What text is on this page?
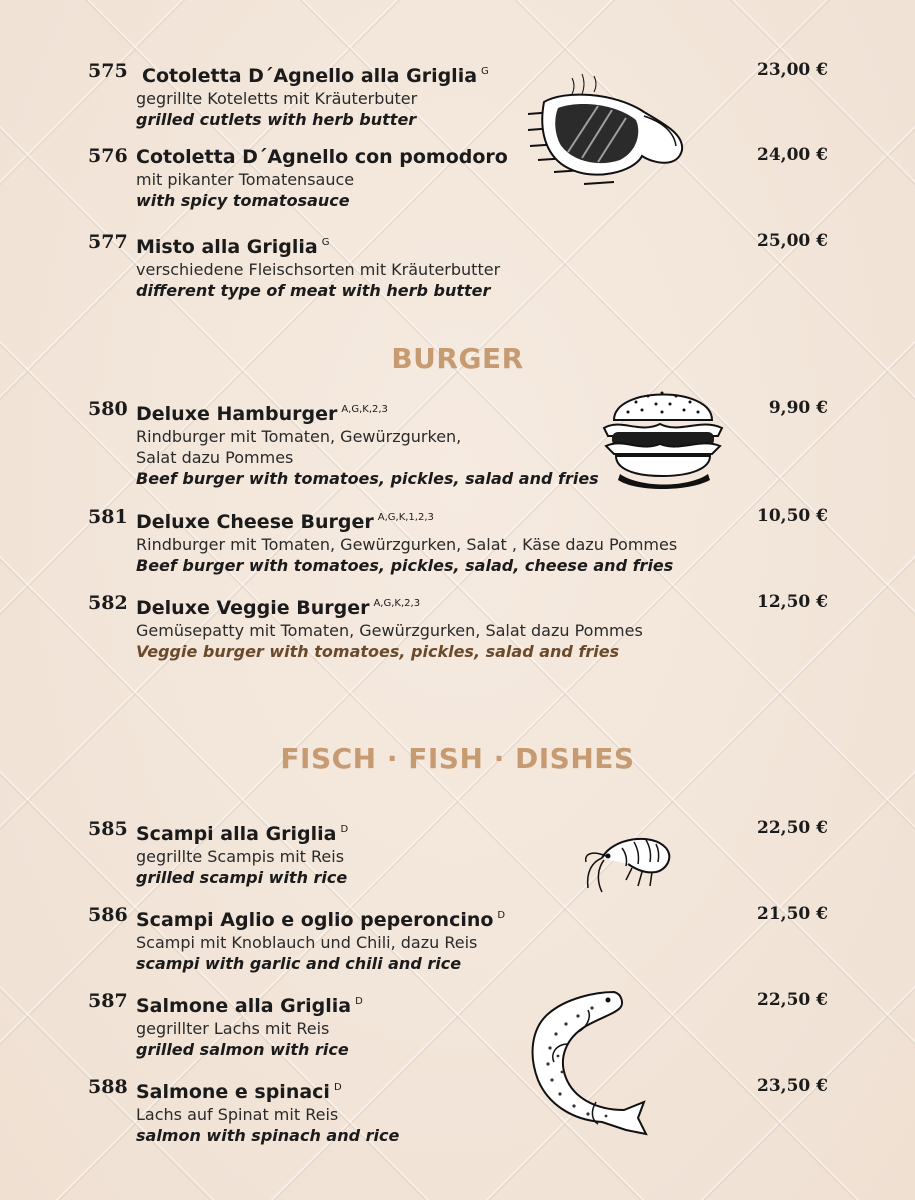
575 Cotoletta D´Agnello alla Griglia $^G$
gegrillte Koteletts mit Kräuterbuter
grilled cutlets with herb butter
23,00 €
576 Cotoletta D´Agnello con pomodoro
mit pikanter Tomatensauce
with spicy tomatosauce
24,00 €
577 Misto alla Griglia $^G$
verschiedene Fleischsorten mit Kräuterbutter
different type of meat with herb butter
25,00 €
BURGER
580 Deluxe Hamburger $^{A,G,K,2,3}$
Rindburger mit Tomaten, Gewürzgurken,
Salat dazu Pommes
Beef burger with tomatoes, pickles, salad and fries
9,90 €
581 Deluxe Cheese Burger $^{A,G,K,1,2,3}$
Rindburger mit Tomaten, Gewürzgurken, Salat , Käse dazu Pommes
Beef burger with tomatoes, pickles, salad, cheese and fries
10,50 €
582 Deluxe Veggie Burger $^{A,G,K,2,3}$
Gemüsepatty mit Tomaten, Gewürzgurken, Salat dazu Pommes
Veggie burger with tomatoes, pickles, salad and fries
12,50 €
FISCH · FISH · DISHES
585 Scampi alla Griglia $^D$
gegrillte Scampis mit Reis
grilled scampi with rice
22,50 €
586 Scampi Aglio e oglio peperoncino $^D$
Scampi mit Knoblauch und Chili, dazu Reis
scampi with garlic and chili and rice
21,50 €
587 Salmone alla Griglia $^D$
gegrillter Lachs mit Reis
grilled salmon with rice
22,50 €
588 Salmone e spinaci $^D$
Lachs auf Spinat mit Reis
salmon with spinach and rice
23,50 €
